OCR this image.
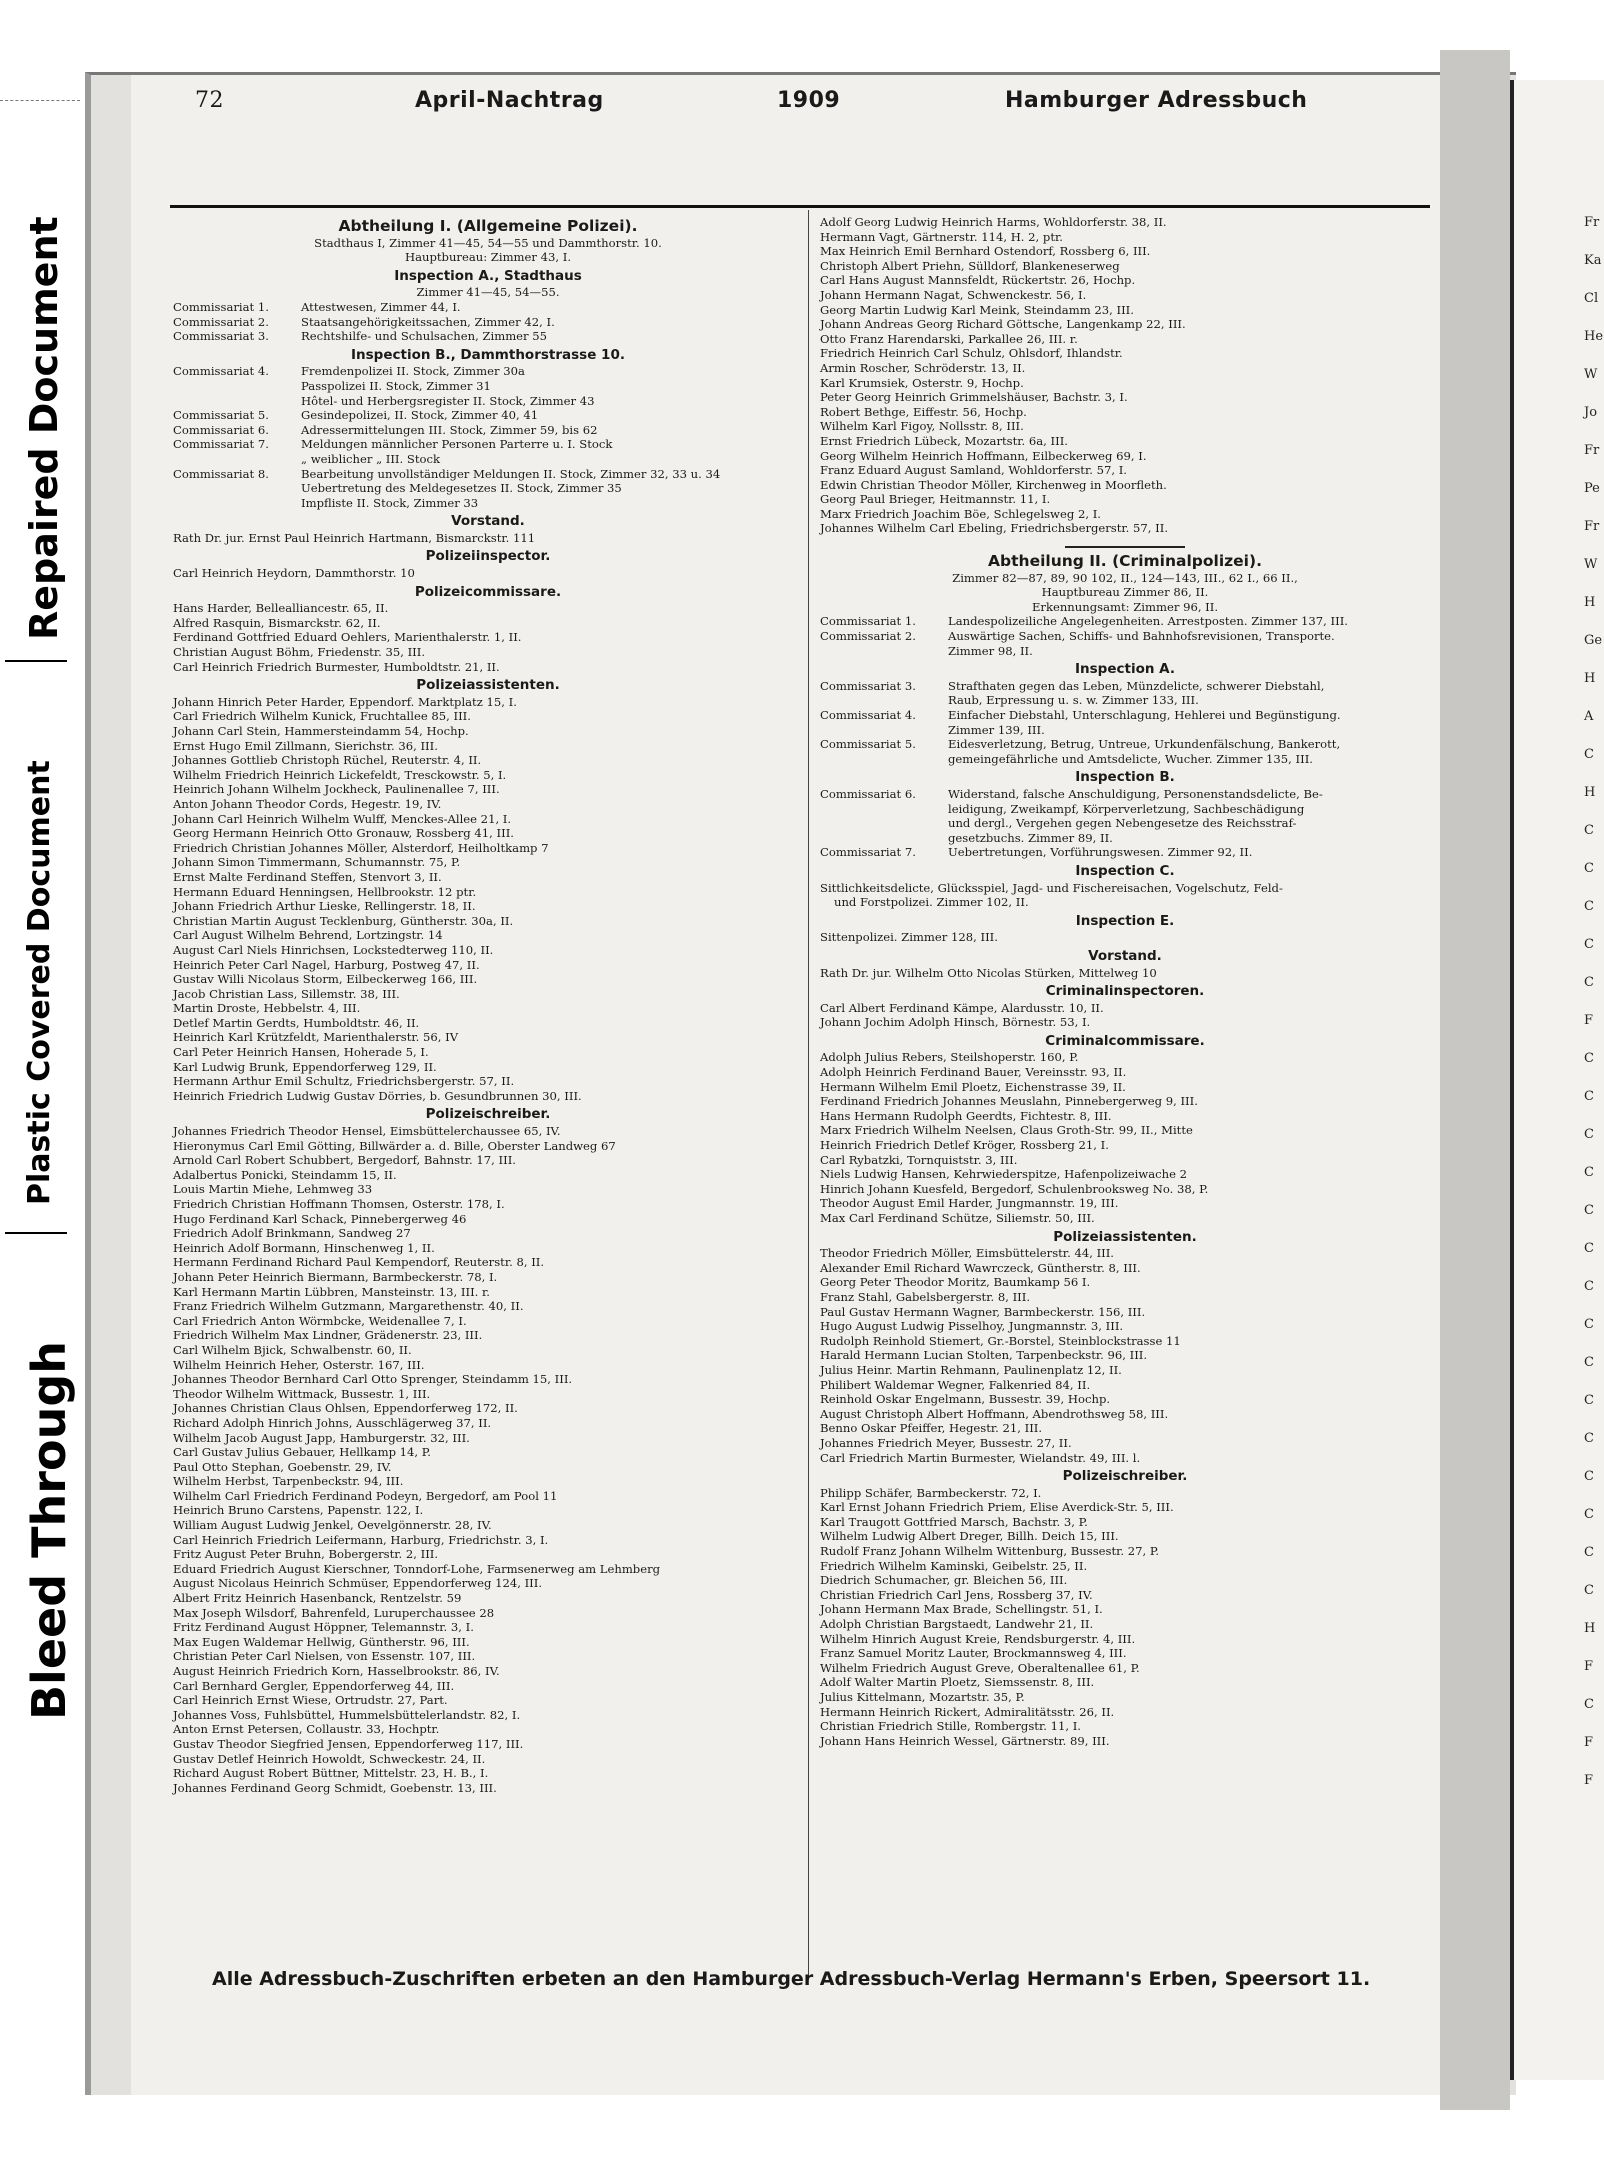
Bleed Through
Plastic Covered Document
Repaired Document	Fr
Ka
Cl
He
W
Jo
Fr
Pe
Fr
W
H
Ge
H
A
C
H
C
C
C
C
C
F
C
C
C
C
C
C
C
C
C
C
C
C
C
C
C
H
F
C
F
F
72	April-Nachtrag	1909	Hamburger Adressbuch
Abtheilung I. (Allgemeine Polizei).
Stadthaus I, Zimmer 41—45, 54—55 und Dammthorstr. 10.
Hauptbureau: Zimmer 43, I.
Inspection A., Stadthaus
Zimmer 41—45, 54—55.
Commissariat 1.	Attestwesen, Zimmer 44, I.
Commissariat 2.	Staatsangehörigkeitssachen, Zimmer 42, I.
Commissariat 3.	Rechtshilfe- und Schulsachen, Zimmer 55
Inspection B., Dammthorstrasse 10.
Commissariat 4.	Fremdenpolizei II. Stock, Zimmer 30a
Passpolizei II. Stock, Zimmer 31
Hôtel- und Herbergsregister II. Stock, Zimmer 43
Commissariat 5.	Gesindepolizei, II. Stock, Zimmer 40, 41
Commissariat 6.	Adressermittelungen III. Stock, Zimmer 59, bis 62
Commissariat 7.	Meldungen männlicher Personen Parterre u. I. Stock
„ weiblicher „ III. Stock
Commissariat 8.	Bearbeitung unvollständiger Meldungen II. Stock, Zimmer 32, 33 u. 34
Uebertretung des Meldegesetzes II. Stock, Zimmer 35
Impfliste II. Stock, Zimmer 33
Vorstand.
Rath Dr. jur. Ernst Paul Heinrich Hartmann, Bismarckstr. 111
Polizeiinspector.
Carl Heinrich Heydorn, Dammthorstr. 10
Polizeicommissare.
Hans Harder, Bellealliancestr. 65, II.
Alfred Rasquin, Bismarckstr. 62, II.
Ferdinand Gottfried Eduard Oehlers, Marienthalerstr. 1, II.
Christian August Böhm, Friedenstr. 35, III.
Carl Heinrich Friedrich Burmester, Humboldtstr. 21, II.
Polizeiassistenten.
Johann Hinrich Peter Harder, Eppendorf. Marktplatz 15, I.
Carl Friedrich Wilhelm Kunick, Fruchtallee 85, III.
Johann Carl Stein, Hammersteindamm 54, Hochp.
Ernst Hugo Emil Zillmann, Sierichstr. 36, III.
Johannes Gottlieb Christoph Rüchel, Reuterstr. 4, II.
Wilhelm Friedrich Heinrich Lickefeldt, Tresckowstr. 5, I.
Heinrich Johann Wilhelm Jockheck, Paulinenallee 7, III.
Anton Johann Theodor Cords, Hegestr. 19, IV.
Johann Carl Heinrich Wilhelm Wulff, Menckes-Allee 21, I.
Georg Hermann Heinrich Otto Gronauw, Rossberg 41, III.
Friedrich Christian Johannes Möller, Alsterdorf, Heilholtkamp 7
Johann Simon Timmermann, Schumannstr. 75, P.
Ernst Malte Ferdinand Steffen, Stenvort 3, II.
Hermann Eduard Henningsen, Hellbrookstr. 12 ptr.
Johann Friedrich Arthur Lieske, Rellingerstr. 18, II.
Christian Martin August Tecklenburg, Güntherstr. 30a, II.
Carl August Wilhelm Behrend, Lortzingstr. 14
August Carl Niels Hinrichsen, Lockstedterweg 110, II.
Heinrich Peter Carl Nagel, Harburg, Postweg 47, II.
Gustav Willi Nicolaus Storm, Eilbeckerweg 166, III.
Jacob Christian Lass, Sillemstr. 38, III.
Martin Droste, Hebbelstr. 4, III.
Detlef Martin Gerdts, Humboldtstr. 46, II.
Heinrich Karl Krützfeldt, Marienthalerstr. 56, IV
Carl Peter Heinrich Hansen, Hoherade 5, I.
Karl Ludwig Brunk, Eppendorferweg 129, II.
Hermann Arthur Emil Schultz, Friedrichsbergerstr. 57, II.
Heinrich Friedrich Ludwig Gustav Dörries, b. Gesundbrunnen 30, III.
Polizeischreiber.
Johannes Friedrich Theodor Hensel, Eimsbüttelerchaussee 65, IV.
Hieronymus Carl Emil Götting, Billwärder a. d. Bille, Oberster Landweg 67
Arnold Carl Robert Schubbert, Bergedorf, Bahnstr. 17, III.
Adalbertus Ponicki, Steindamm 15, II.
Louis Martin Miehe, Lehmweg 33
Friedrich Christian Hoffmann Thomsen, Osterstr. 178, I.
Hugo Ferdinand Karl Schack, Pinnebergerweg 46
Friedrich Adolf Brinkmann, Sandweg 27
Heinrich Adolf Bormann, Hinschenweg 1, II.
Hermann Ferdinand Richard Paul Kempendorf, Reuterstr. 8, II.
Johann Peter Heinrich Biermann, Barmbeckerstr. 78, I.
Karl Hermann Martin Lübbren, Mansteinstr. 13, III. r.
Franz Friedrich Wilhelm Gutzmann, Margarethenstr. 40, II.
Carl Friedrich Anton Wörmbcke, Weidenallee 7, I.
Friedrich Wilhelm Max Lindner, Grädenerstr. 23, III.
Carl Wilhelm Bjick, Schwalbenstr. 60, II.
Wilhelm Heinrich Heher, Osterstr. 167, III.
Johannes Theodor Bernhard Carl Otto Sprenger, Steindamm 15, III.
Theodor Wilhelm Wittmack, Bussestr. 1, III.
Johannes Christian Claus Ohlsen, Eppendorferweg 172, II.
Richard Adolph Hinrich Johns, Ausschlägerweg 37, II.
Wilhelm Jacob August Japp, Hamburgerstr. 32, III.
Carl Gustav Julius Gebauer, Hellkamp 14, P.
Paul Otto Stephan, Goebenstr. 29, IV.
Wilhelm Herbst, Tarpenbeckstr. 94, III.
Wilhelm Carl Friedrich Ferdinand Podeyn, Bergedorf, am Pool 11
Heinrich Bruno Carstens, Papenstr. 122, I.
William August Ludwig Jenkel, Oevelgönnerstr. 28, IV.
Carl Heinrich Friedrich Leifermann, Harburg, Friedrichstr. 3, I.
Fritz August Peter Bruhn, Bobergerstr. 2, III.
Eduard Friedrich August Kierschner, Tonndorf-Lohe, Farmsenerweg am Lehmberg
August Nicolaus Heinrich Schmüser, Eppendorferweg 124, III.
Albert Fritz Heinrich Hasenbanck, Rentzelstr. 59
Max Joseph Wilsdorf, Bahrenfeld, Luruperchaussee 28
Fritz Ferdinand August Höppner, Telemannstr. 3, I.
Max Eugen Waldemar Hellwig, Güntherstr. 96, III.
Christian Peter Carl Nielsen, von Essenstr. 107, III.
August Heinrich Friedrich Korn, Hasselbrookstr. 86, IV.
Carl Bernhard Gergler, Eppendorferweg 44, III.
Carl Heinrich Ernst Wiese, Ortrudstr. 27, Part.
Johannes Voss, Fuhlsbüttel, Hummelsbüttelerlandstr. 82, I.
Anton Ernst Petersen, Collaustr. 33, Hochptr.
Gustav Theodor Siegfried Jensen, Eppendorferweg 117, III.
Gustav Detlef Heinrich Howoldt, Schweckestr. 24, II.
Richard August Robert Büttner, Mittelstr. 23, H. B., I.
Johannes Ferdinand Georg Schmidt, Goebenstr. 13, III.
Adolf Georg Ludwig Heinrich Harms, Wohldorferstr. 38, II.
Hermann Vagt, Gärtnerstr. 114, H. 2, ptr.
Max Heinrich Emil Bernhard Ostendorf, Rossberg 6, III.
Christoph Albert Priehn, Sülldorf, Blankeneserweg
Carl Hans August Mannsfeldt, Rückertstr. 26, Hochp.
Johann Hermann Nagat, Schwenckestr. 56, I.
Georg Martin Ludwig Karl Meink, Steindamm 23, III.
Johann Andreas Georg Richard Göttsche, Langenkamp 22, III.
Otto Franz Harendarski, Parkallee 26, III. r.
Friedrich Heinrich Carl Schulz, Ohlsdorf, Ihlandstr.
Armin Roscher, Schröderstr. 13, II.
Karl Krumsiek, Osterstr. 9, Hochp.
Peter Georg Heinrich Grimmelshäuser, Bachstr. 3, I.
Robert Bethge, Eiffestr. 56, Hochp.
Wilhelm Karl Figoy, Nollsstr. 8, III.
Ernst Friedrich Lübeck, Mozartstr. 6a, III.
Georg Wilhelm Heinrich Hoffmann, Eilbeckerweg 69, I.
Franz Eduard August Samland, Wohldorferstr. 57, I.
Edwin Christian Theodor Möller, Kirchenweg in Moorfleth.
Georg Paul Brieger, Heitmannstr. 11, I.
Marx Friedrich Joachim Böe, Schlegelsweg 2, I.
Johannes Wilhelm Carl Ebeling, Friedrichsbergerstr. 57, II.
Abtheilung II. (Criminalpolizei).
Zimmer 82—87, 89, 90 102, II., 124—143, III., 62 I., 66 II.,
Hauptbureau Zimmer 86, II.
Erkennungsamt: Zimmer 96, II.
Commissariat 1.	Landespolizeiliche Angelegenheiten. Arrestposten. Zimmer 137, III.
Commissariat 2.	Auswärtige Sachen, Schiffs- und Bahnhofsrevisionen, Transporte.
Zimmer 98, II.
Inspection A.
Commissariat 3.	Strafthaten gegen das Leben, Münzdelicte, schwerer Diebstahl,
Raub, Erpressung u. s. w. Zimmer 133, III.
Commissariat 4.	Einfacher Diebstahl, Unterschlagung, Hehlerei und Begünstigung.
Zimmer 139, III.
Commissariat 5.	Eidesverletzung, Betrug, Untreue, Urkundenfälschung, Bankerott,
gemeingefährliche und Amtsdelicte, Wucher. Zimmer 135, III.
Inspection B.
Commissariat 6.	Widerstand, falsche Anschuldigung, Personenstandsdelicte, Be-
leidigung, Zweikampf, Körperverletzung, Sachbeschädigung
und dergl., Vergehen gegen Nebengesetze des Reichsstraf-
gesetzbuchs. Zimmer 89, II.
Commissariat 7.	Uebertretungen, Vorführungswesen. Zimmer 92, II.
Inspection C.
Sittlichkeitsdelicte, Glücksspiel, Jagd- und Fischereisachen, Vogelschutz, Feld-
und Forstpolizei. Zimmer 102, II.
Inspection E.
Sittenpolizei. Zimmer 128, III.
Vorstand.
Rath Dr. jur. Wilhelm Otto Nicolas Stürken, Mittelweg 10
Criminalinspectoren.
Carl Albert Ferdinand Kämpe, Alardusstr. 10, II.
Johann Jochim Adolph Hinsch, Börnestr. 53, I.
Criminalcommissare.
Adolph Julius Rebers, Steilshoperstr. 160, P.
Adolph Heinrich Ferdinand Bauer, Vereinsstr. 93, II.
Hermann Wilhelm Emil Ploetz, Eichenstrasse 39, II.
Ferdinand Friedrich Johannes Meuslahn, Pinnebergerweg 9, III.
Hans Hermann Rudolph Geerdts, Fichtestr. 8, III.
Marx Friedrich Wilhelm Neelsen, Claus Groth-Str. 99, II., Mitte
Heinrich Friedrich Detlef Kröger, Rossberg 21, I.
Carl Rybatzki, Tornquiststr. 3, III.
Niels Ludwig Hansen, Kehrwiederspitze, Hafenpolizeiwache 2
Hinrich Johann Kuesfeld, Bergedorf, Schulenbrooksweg No. 38, P.
Theodor August Emil Harder, Jungmannstr. 19, III.
Max Carl Ferdinand Schütze, Siliemstr. 50, III.
Polizeiassistenten.
Theodor Friedrich Möller, Eimsbüttelerstr. 44, III.
Alexander Emil Richard Wawrczeck, Güntherstr. 8, III.
Georg Peter Theodor Moritz, Baumkamp 56 I.
Franz Stahl, Gabelsbergerstr. 8, III.
Paul Gustav Hermann Wagner, Barmbeckerstr. 156, III.
Hugo August Ludwig Pisselhoy, Jungmannstr. 3, III.
Rudolph Reinhold Stiemert, Gr.-Borstel, Steinblockstrasse 11
Harald Hermann Lucian Stolten, Tarpenbeckstr. 96, III.
Julius Heinr. Martin Rehmann, Paulinenplatz 12, II.
Philibert Waldemar Wegner, Falkenried 84, II.
Reinhold Oskar Engelmann, Bussestr. 39, Hochp.
August Christoph Albert Hoffmann, Abendrothsweg 58, III.
Benno Oskar Pfeiffer, Hegestr. 21, III.
Johannes Friedrich Meyer, Bussestr. 27, II.
Carl Friedrich Martin Burmester, Wielandstr. 49, III. l.
Polizeischreiber.
Philipp Schäfer, Barmbeckerstr. 72, I.
Karl Ernst Johann Friedrich Priem, Elise Averdick-Str. 5, III.
Karl Traugott Gottfried Marsch, Bachstr. 3, P.
Wilhelm Ludwig Albert Dreger, Billh. Deich 15, III.
Rudolf Franz Johann Wilhelm Wittenburg, Bussestr. 27, P.
Friedrich Wilhelm Kaminski, Geibelstr. 25, II.
Diedrich Schumacher, gr. Bleichen 56, III.
Christian Friedrich Carl Jens, Rossberg 37, IV.
Johann Hermann Max Brade, Schellingstr. 51, I.
Adolph Christian Bargstaedt, Landwehr 21, II.
Wilhelm Hinrich August Kreie, Rendsburgerstr. 4, III.
Franz Samuel Moritz Lauter, Brockmannsweg 4, III.
Wilhelm Friedrich August Greve, Oberaltenallee 61, P.
Adolf Walter Martin Ploetz, Siemssenstr. 8, III.
Julius Kittelmann, Mozartstr. 35, P.
Hermann Heinrich Rickert, Admiralitätsstr. 26, II.
Christian Friedrich Stille, Rombergstr. 11, I.
Johann Hans Heinrich Wessel, Gärtnerstr. 89, III.
Alle Adressbuch-Zuschriften erbeten an den Hamburger Adressbuch-Verlag Hermann's Erben, Speersort 11.
